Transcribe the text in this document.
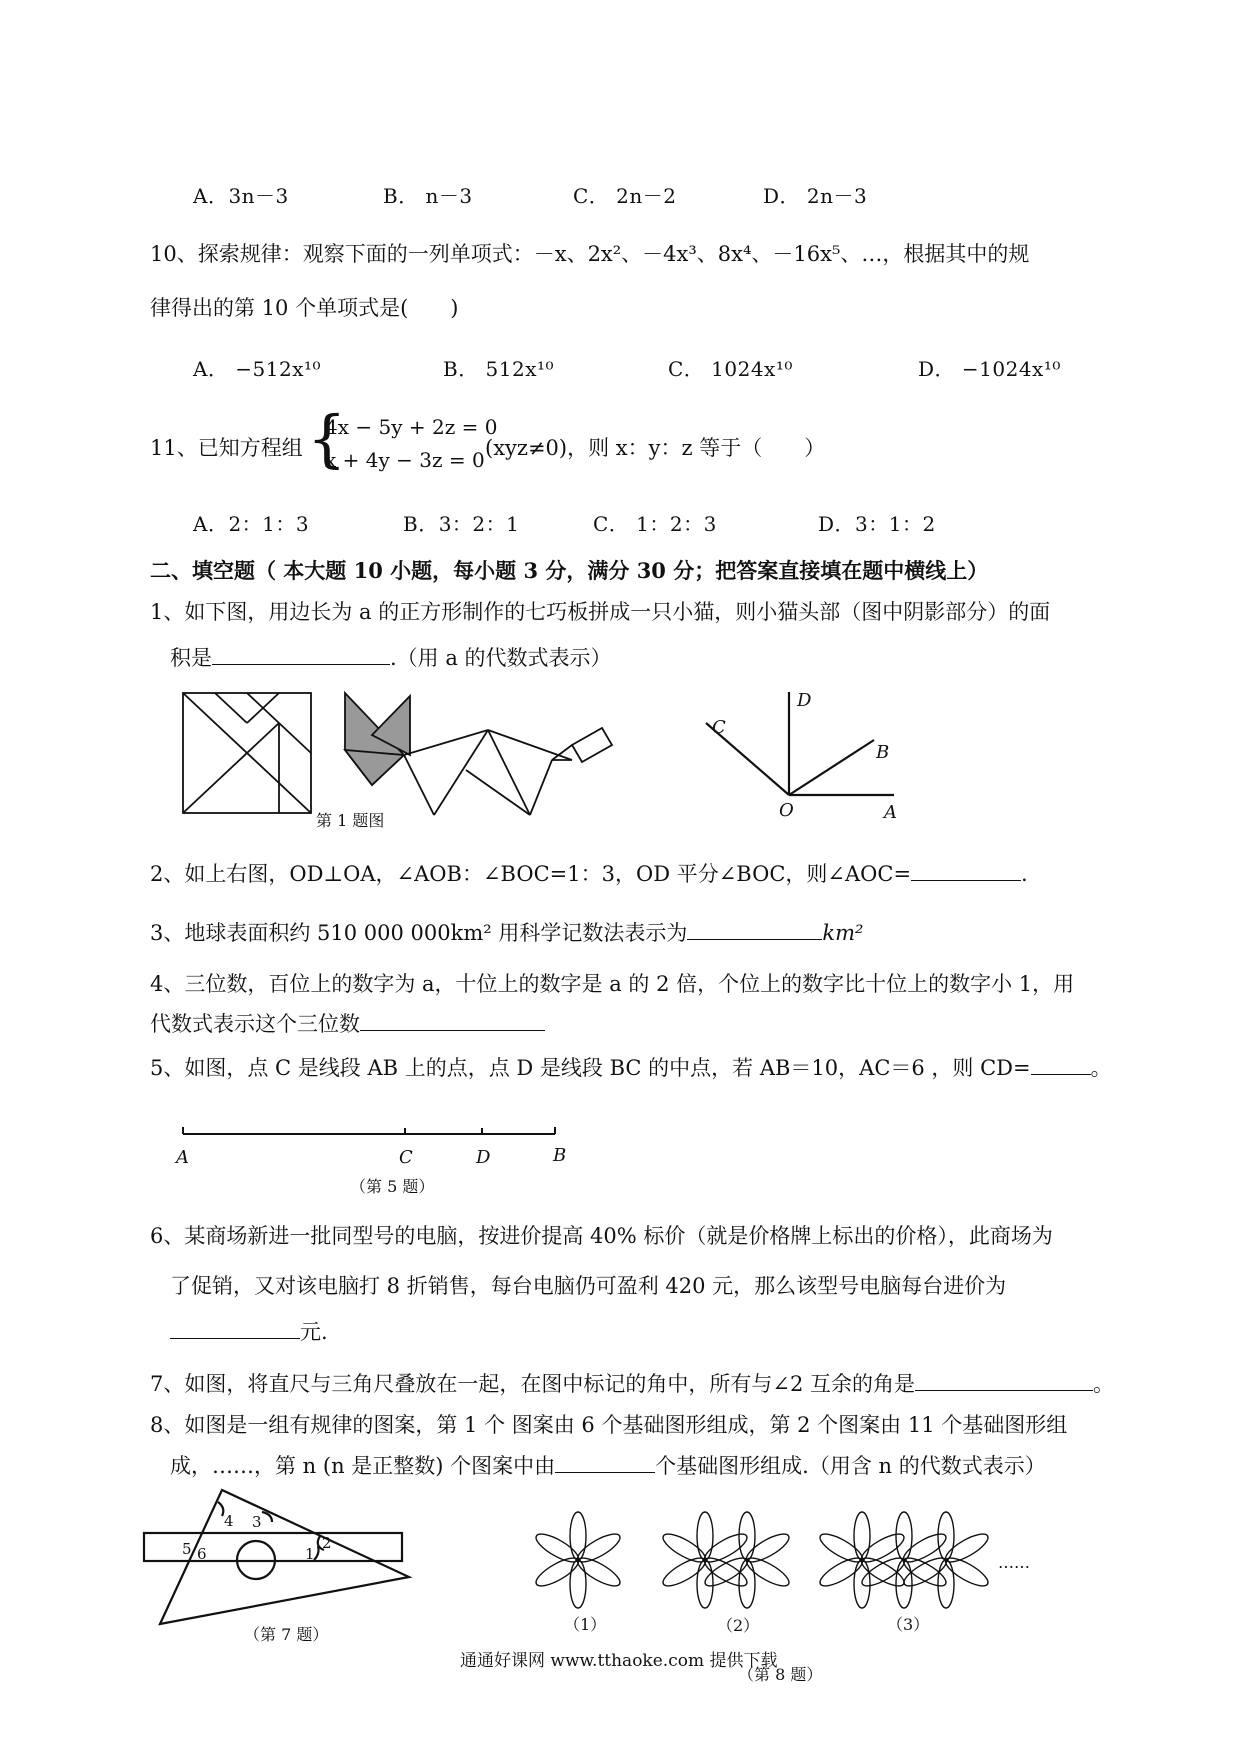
A．3n－3	B． n－3	C． 2n－2	D． 2n－3
10、探索规律：观察下面的一列单项式：－x、2x²、－4x³、8x⁴、－16x⁵、…，根据其中的规
律得出的第 10 个单项式是(　　)
A． −512x¹⁰	B． 512x¹⁰	C． 1024x¹⁰	D． −1024x¹⁰
11、已知方程组 {
4x − 5y + 2z = 0
x + 4y − 3z = 0 (xyz≠0)，则 x：y：z 等于（　　）
A．2：1：3	B．3：2：1	C． 1：2：3	D．3：1：2
二、填空题（ 本大题 10 小题，每小题 3 分，满分 30 分；把答案直接填在题中横线上）
1、如下图，用边长为 a 的正方形制作的七巧板拼成一只小猫，则小猫头部（图中阴影部分）的面
积是	.（用 a 的代数式表示）
第 1 题图
C
D
B
O	A
2、如上右图，OD⊥OA，∠AOB：∠BOC=1：3，OD 平分∠BOC，则∠AOC=	.
3、地球表面积约 510 000 000km² 用科学记数法表示为	km²
4、三位数，百位上的数字为 a，十位上的数字是 a 的 2 倍，个位上的数字比十位上的数字小 1，用
代数式表示这个三位数
5、如图，点 C 是线段 AB 上的点，点 D 是线段 BC 的中点，若 AB＝10，AC＝6 ，则 CD=	。
A	C	D	B
（第 5 题）
6、某商场新进一批同型号的电脑，按进价提高 40% 标价（就是价格牌上标出的价格），此商场为
了促销，又对该电脑打 8 折销售，每台电脑仍可盈利 420 元，那么该型号电脑每台进价为
元.
7、如图，将直尺与三角尺叠放在一起，在图中标记的角中，所有与∠2 互余的角是	。
8、如图是一组有规律的图案，第 1 个 图案由 6 个基础图形组成，第 2 个图案由 11 个基础图形组
成，……，第 n (n 是正整数) 个图案中由	个基础图形组成.（用含 n 的代数式表示）
4 3
5 6	1
2
（第 7 题）
（1）	（2）	（3）
……
（第 8 题）
通通好课网 www.tthaoke.com 提供下载
